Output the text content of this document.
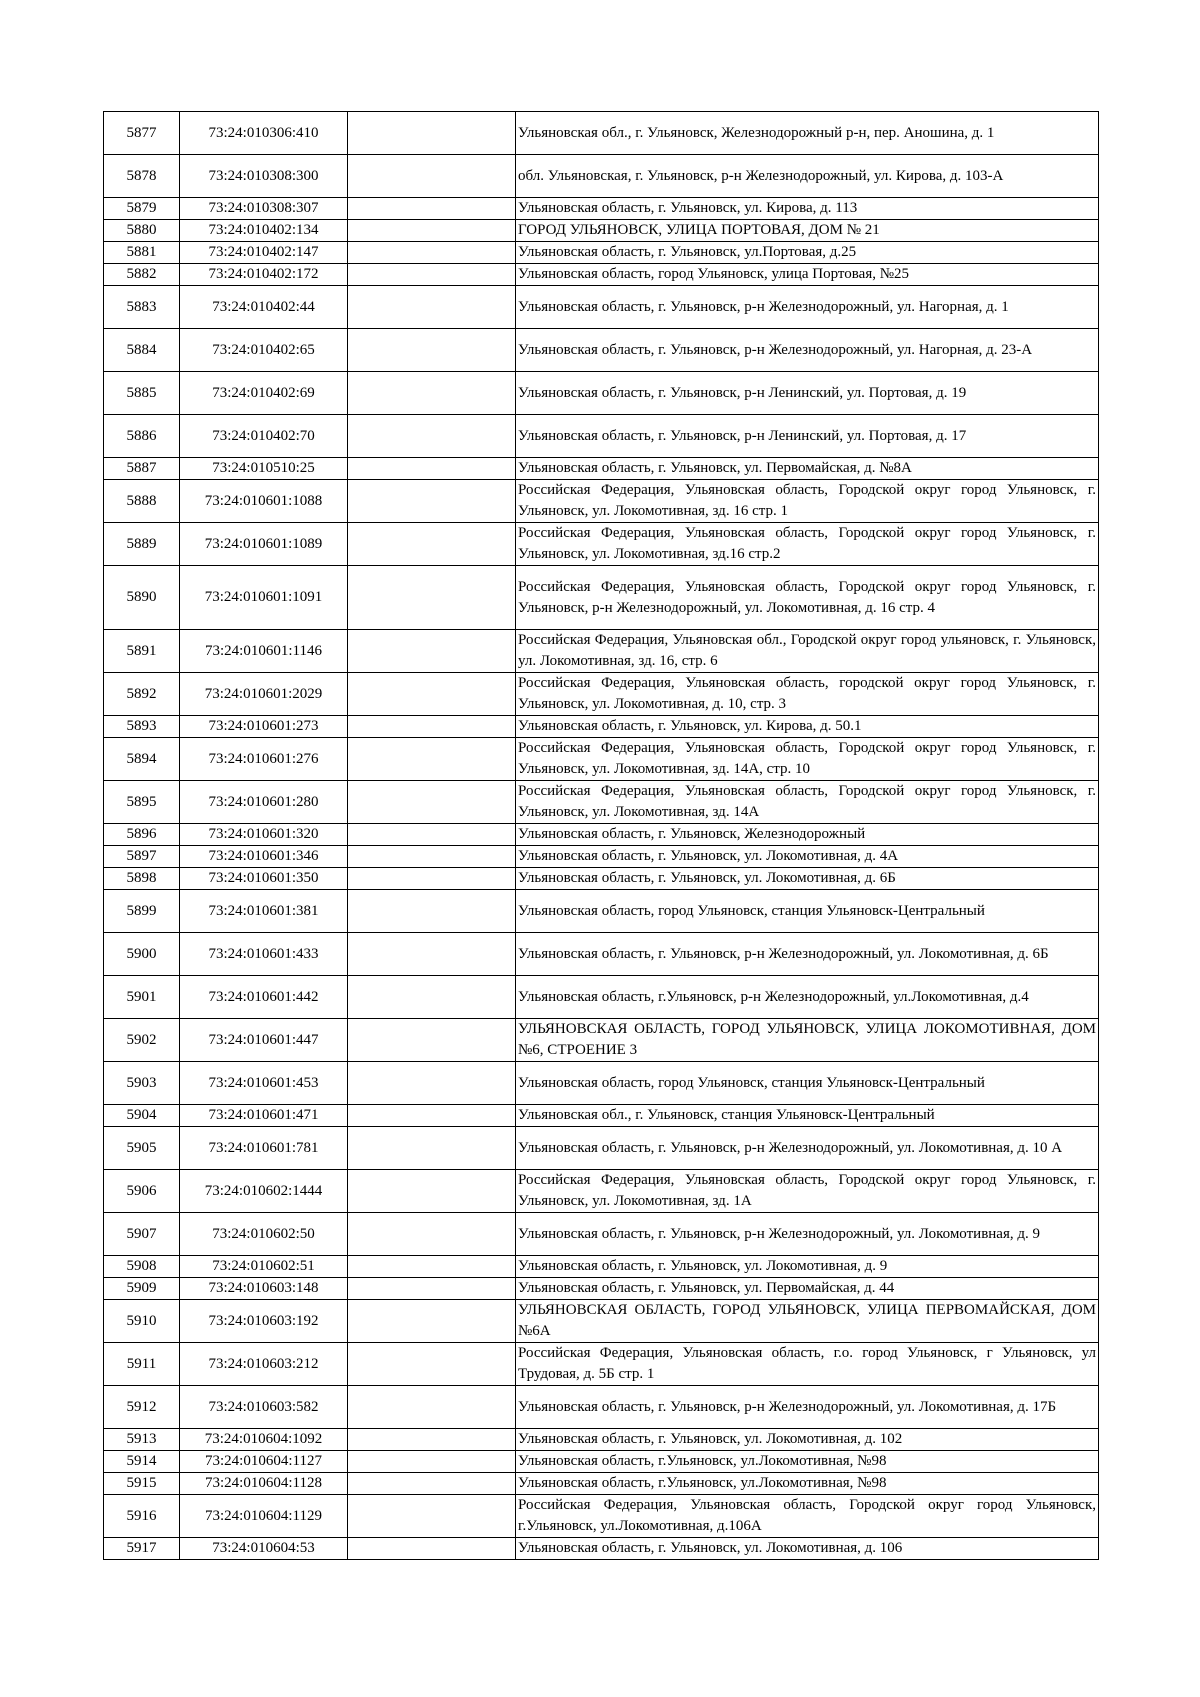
5877	73:24:010306:410		Ульяновская обл., г. Ульяновск, Железнодорожный р-н, пер. Аношина, д. 1
5878	73:24:010308:300		обл. Ульяновская, г. Ульяновск, р-н Железнодорожный, ул. Кирова, д. 103-А
5879	73:24:010308:307		Ульяновская область, г. Ульяновск, ул. Кирова, д. 113
5880	73:24:010402:134		ГОРОД УЛЬЯНОВСК, УЛИЦА ПОРТОВАЯ, ДОМ № 21
5881	73:24:010402:147		Ульяновская область, г. Ульяновск, ул.Портовая, д.25
5882	73:24:010402:172		Ульяновская область, город Ульяновск, улица Портовая, №25
5883	73:24:010402:44		Ульяновская область, г. Ульяновск, р-н Железнодорожный, ул. Нагорная, д. 1
5884	73:24:010402:65		Ульяновская область, г. Ульяновск, р-н Железнодорожный, ул. Нагорная, д. 23-А
5885	73:24:010402:69		Ульяновская область, г. Ульяновск, р-н Ленинский, ул. Портовая, д. 19
5886	73:24:010402:70		Ульяновская область, г. Ульяновск, р-н Ленинский, ул. Портовая, д. 17
5887	73:24:010510:25		Ульяновская область, г. Ульяновск, ул. Первомайская, д. №8А
5888	73:24:010601:1088		Российская Федерация, Ульяновская область, Городской округ город Ульяновск, г. Ульяновск, ул. Локомотивная, зд. 16 стр. 1
5889	73:24:010601:1089		Российская Федерация, Ульяновская область, Городской округ город Ульяновск, г. Ульяновск, ул. Локомотивная, зд.16 стр.2
5890	73:24:010601:1091		Российская Федерация, Ульяновская область, Городской округ город Ульяновск, г. Ульяновск, р-н Железнодорожный, ул. Локомотивная, д. 16 стр. 4
5891	73:24:010601:1146		Российская Федерация, Ульяновская обл., Городской округ город ульяновск, г. Ульяновск, ул. Локомотивная, зд. 16, стр. 6
5892	73:24:010601:2029		Российская Федерация, Ульяновская область, городской округ город Ульяновск, г. Ульяновск, ул. Локомотивная, д. 10, стр. 3
5893	73:24:010601:273		Ульяновская область, г. Ульяновск, ул. Кирова, д. 50.1
5894	73:24:010601:276		Российская Федерация, Ульяновская область, Городской округ город Ульяновск, г. Ульяновск, ул. Локомотивная, зд. 14А, стр. 10
5895	73:24:010601:280		Российская Федерация, Ульяновская область, Городской округ город Ульяновск, г. Ульяновск, ул. Локомотивная, зд. 14А
5896	73:24:010601:320		Ульяновская область, г. Ульяновск, Железнодорожный
5897	73:24:010601:346		Ульяновская область, г. Ульяновск, ул. Локомотивная, д. 4А
5898	73:24:010601:350		Ульяновская область, г. Ульяновск, ул. Локомотивная, д. 6Б
5899	73:24:010601:381		Ульяновская область, город Ульяновск, станция Ульяновск-Центральный
5900	73:24:010601:433		Ульяновская область, г. Ульяновск, р-н Железнодорожный, ул. Локомотивная, д. 6Б
5901	73:24:010601:442		Ульяновская область, г.Ульяновск, р-н Железнодорожный, ул.Локомотивная, д.4
5902	73:24:010601:447		УЛЬЯНОВСКАЯ ОБЛАСТЬ, ГОРОД УЛЬЯНОВСК, УЛИЦА ЛОКОМОТИВНАЯ, ДОМ №6, СТРОЕНИЕ 3
5903	73:24:010601:453		Ульяновская область, город Ульяновск, станция Ульяновск-Центральный
5904	73:24:010601:471		Ульяновская обл., г. Ульяновск, станция Ульяновск-Центральный
5905	73:24:010601:781		Ульяновская область, г. Ульяновск, р-н Железнодорожный, ул. Локомотивная, д. 10 А
5906	73:24:010602:1444		Российская Федерация, Ульяновская область, Городской округ город Ульяновск, г. Ульяновск, ул. Локомотивная, зд. 1А
5907	73:24:010602:50		Ульяновская область, г. Ульяновск, р-н Железнодорожный, ул. Локомотивная, д. 9
5908	73:24:010602:51		Ульяновская область, г. Ульяновск, ул. Локомотивная, д. 9
5909	73:24:010603:148		Ульяновская область, г. Ульяновск, ул. Первомайская, д. 44
5910	73:24:010603:192		УЛЬЯНОВСКАЯ ОБЛАСТЬ, ГОРОД УЛЬЯНОВСК, УЛИЦА ПЕРВОМАЙСКАЯ, ДОМ №6А
5911	73:24:010603:212		Российская Федерация, Ульяновская область, г.о. город Ульяновск, г Ульяновск, ул Трудовая, д. 5Б стр. 1
5912	73:24:010603:582		Ульяновская область, г. Ульяновск, р-н Железнодорожный, ул. Локомотивная, д. 17Б
5913	73:24:010604:1092		Ульяновская область, г. Ульяновск, ул. Локомотивная, д. 102
5914	73:24:010604:1127		Ульяновская область, г.Ульяновск, ул.Локомотивная, №98
5915	73:24:010604:1128		Ульяновская область, г.Ульяновск, ул.Локомотивная, №98
5916	73:24:010604:1129		Российская Федерация, Ульяновская область, Городской округ город Ульяновск, г.Ульяновск, ул.Локомотивная, д.106А
5917	73:24:010604:53		Ульяновская область, г. Ульяновск, ул. Локомотивная, д. 106
